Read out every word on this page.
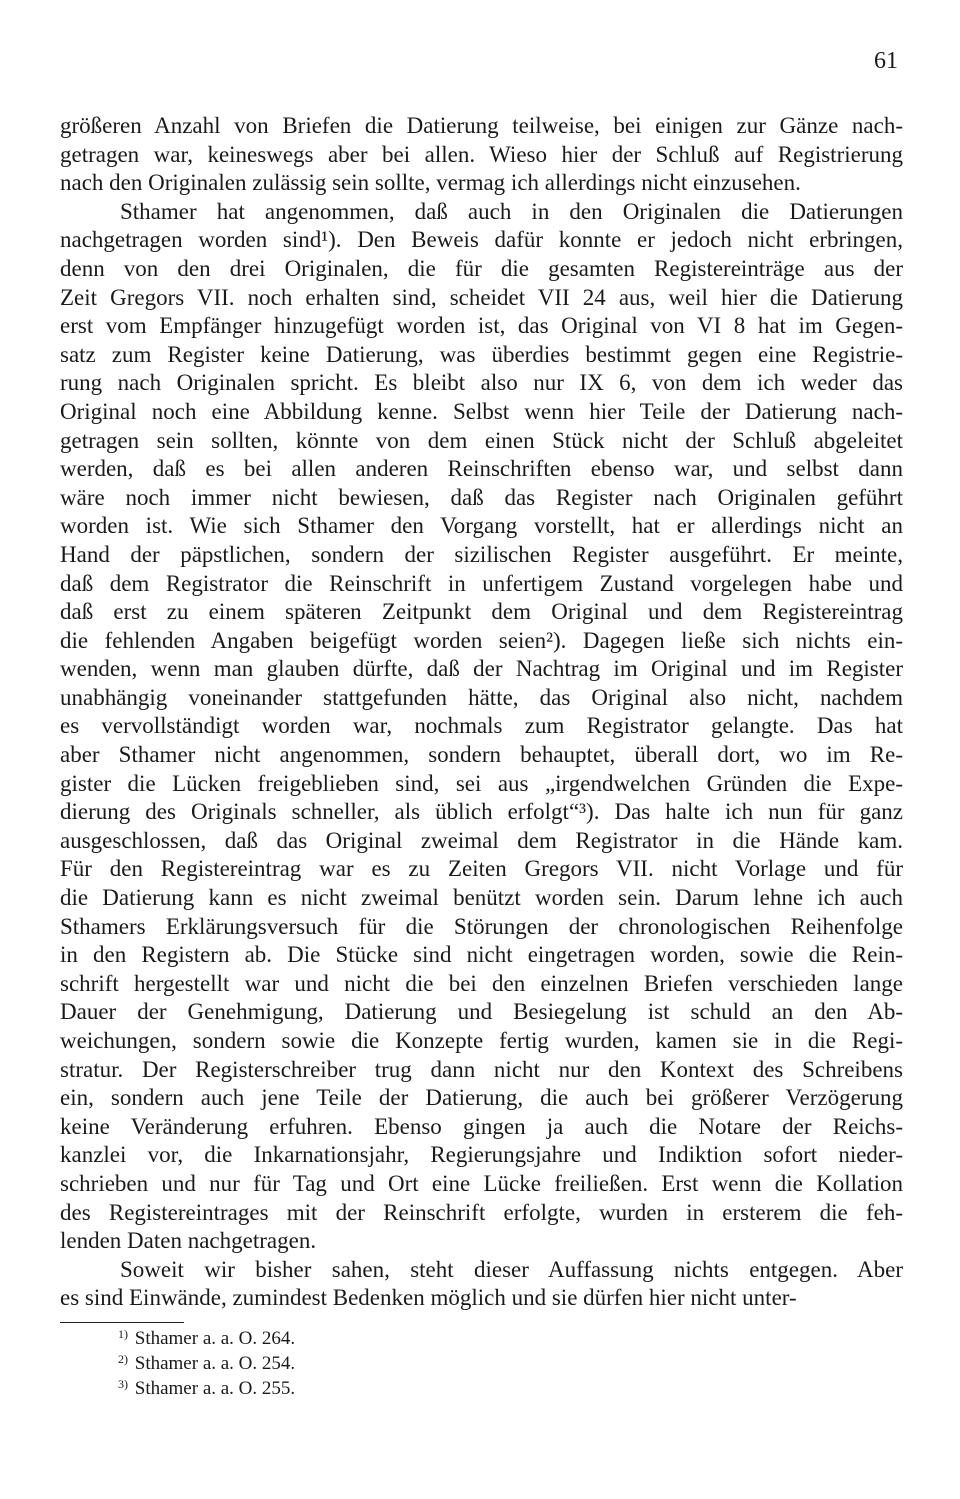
61
größeren Anzahl von Briefen die Datierung teilweise, bei einigen zur Gänze nach-
getragen war, keineswegs aber bei allen. Wieso hier der Schluß auf Registrierung
nach den Originalen zulässig sein sollte, vermag ich allerdings nicht einzusehen.
Sthamer hat angenommen, daß auch in den Originalen die Datierungen
nachgetragen worden sind¹). Den Beweis dafür konnte er jedoch nicht erbringen,
denn von den drei Originalen, die für die gesamten Registereinträge aus der
Zeit Gregors VII. noch erhalten sind, scheidet VII 24 aus, weil hier die Datierung
erst vom Empfänger hinzugefügt worden ist, das Original von VI 8 hat im Gegen-
satz zum Register keine Datierung, was überdies bestimmt gegen eine Registrie-
rung nach Originalen spricht. Es bleibt also nur IX 6, von dem ich weder das
Original noch eine Abbildung kenne. Selbst wenn hier Teile der Datierung nach-
getragen sein sollten, könnte von dem einen Stück nicht der Schluß abgeleitet
werden, daß es bei allen anderen Reinschriften ebenso war, und selbst dann
wäre noch immer nicht bewiesen, daß das Register nach Originalen geführt
worden ist. Wie sich Sthamer den Vorgang vorstellt, hat er allerdings nicht an
Hand der päpstlichen, sondern der sizilischen Register ausgeführt. Er meinte,
daß dem Registrator die Reinschrift in unfertigem Zustand vorgelegen habe und
daß erst zu einem späteren Zeitpunkt dem Original und dem Registereintrag
die fehlenden Angaben beigefügt worden seien²). Dagegen ließe sich nichts ein-
wenden, wenn man glauben dürfte, daß der Nachtrag im Original und im Register
unabhängig voneinander stattgefunden hätte, das Original also nicht, nachdem
es vervollständigt worden war, nochmals zum Registrator gelangte. Das hat
aber Sthamer nicht angenommen, sondern behauptet, überall dort, wo im Re-
gister die Lücken freigeblieben sind, sei aus „irgendwelchen Gründen die Expe-
dierung des Originals schneller, als üblich erfolgt“³). Das halte ich nun für ganz
ausgeschlossen, daß das Original zweimal dem Registrator in die Hände kam.
Für den Registereintrag war es zu Zeiten Gregors VII. nicht Vorlage und für
die Datierung kann es nicht zweimal benützt worden sein. Darum lehne ich auch
Sthamers Erklärungsversuch für die Störungen der chronologischen Reihenfolge
in den Registern ab. Die Stücke sind nicht eingetragen worden, sowie die Rein-
schrift hergestellt war und nicht die bei den einzelnen Briefen verschieden lange
Dauer der Genehmigung, Datierung und Besiegelung ist schuld an den Ab-
weichungen, sondern sowie die Konzepte fertig wurden, kamen sie in die Regi-
stratur. Der Registerschreiber trug dann nicht nur den Kontext des Schreibens
ein, sondern auch jene Teile der Datierung, die auch bei größerer Verzögerung
keine Veränderung erfuhren. Ebenso gingen ja auch die Notare der Reichs-
kanzlei vor, die Inkarnationsjahr, Regierungsjahre und Indiktion sofort nieder-
schrieben und nur für Tag und Ort eine Lücke freiließen. Erst wenn die Kollation
des Registereintrages mit der Reinschrift erfolgte, wurden in ersterem die feh-
lenden Daten nachgetragen.
Soweit wir bisher sahen, steht dieser Auffassung nichts entgegen. Aber
es sind Einwände, zumindest Bedenken möglich und sie dürfen hier nicht unter-
$^{1)}$ Sthamer a. a. O. 264.
$^{2)}$ Sthamer a. a. O. 254.
$^{3)}$ Sthamer a. a. O. 255.
